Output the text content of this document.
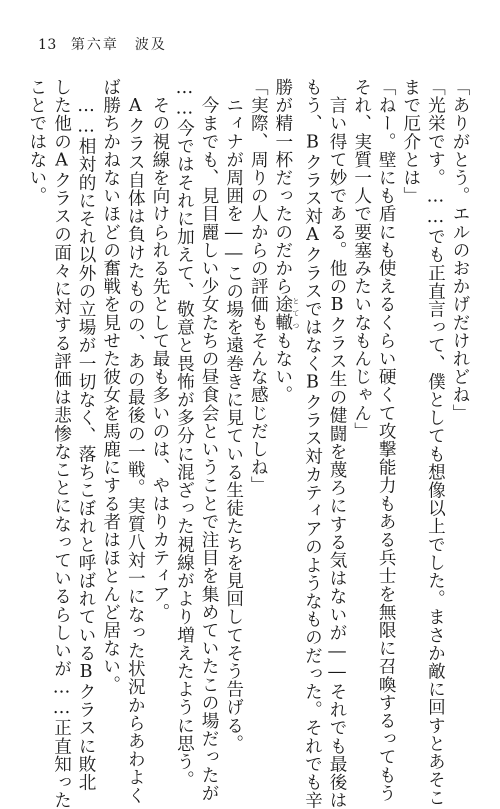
13 第六章　波及
「ありがとう。エルのおかげだけれどね」
「光栄です。……でも正直言って、僕としても想像以上でした。まさか敵に回すとあそこ
まで厄介とは」
「ねー。壁にも盾にも使えるくらい硬くて攻撃能力もある兵士を無限に召喚するってもう
それ、実質一人で要塞みたいなもんじゃん」
　言い得て妙である。他のBクラス生の健闘を蔑ろにする気はないが――それでも最後は
もう、Bクラス対AクラスではなくBクラス対カティアのようなものだった。それでも辛
勝が精一杯だったのだから途轍 とてつもない。
「実際、周りの人からの評価もそんな感じだしね」
　ニィナが周囲を――この場を遠巻きに見ている生徒たちを見回してそう告げる。
　今までも、見目麗しい少女たちの昼食会ということで注目を集めていたこの場だったが
……今ではそれに加えて、敬意と畏怖が多分に混ざった視線がより増えたように思う。
　その視線を向けられる先として最も多いのは、やはりカティア。
　Aクラス自体は負けたものの、あの最後の一戦。実質八対一になった状況からあわよく
ば勝ちかねないほどの奮戦を見せた彼女を馬鹿にする者はほとんど居ない。
　……相対的にそれ以外の立場が一切なく、落ちこぼれと呼ばれているBクラスに敗北
した他のAクラスの面々に対する評価は悲惨なことになっているらしいが……正直知った
ことではない。
